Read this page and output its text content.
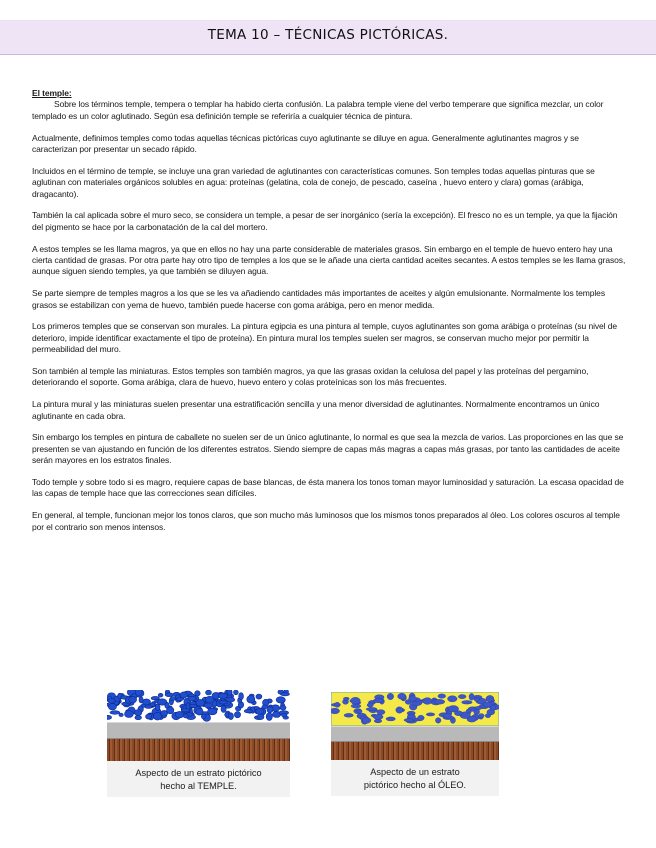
TEMA 10 – TÉCNICAS PICTÓRICAS.

El temple:

Sobre los términos temple, tempera o templar ha habido cierta confusión. La palabra temple viene del verbo temperare que significa mezclar, un color templado es un color aglutinado. Según esa definición temple se referiría a cualquier técnica de pintura.

Actualmente, definimos temples como todas aquellas técnicas pictóricas cuyo aglutinante se diluye en agua. Generalmente aglutinantes magros y se caracterizan por presentar un secado rápido.

Incluidos en el término de temple, se incluye una gran variedad de aglutinantes con características comunes. Son temples todas aquellas pinturas que se aglutinan con materiales orgánicos solubles en agua: proteínas (gelatina, cola de conejo, de pescado, caseína , huevo entero y clara) gomas (arábiga, dragacanto).

También la cal aplicada sobre el muro seco, se considera un temple, a pesar de ser inorgánico (sería la excepción). El fresco no es un temple, ya que la fijación del pigmento se hace por la carbonatación de la cal del mortero.

A estos temples se les llama magros, ya que en ellos no hay una parte considerable de materiales grasos. Sin embargo en el temple de huevo entero hay una cierta cantidad de grasas. Por otra parte hay otro tipo de temples a los que se le añade una cierta cantidad aceites secantes. A estos temples se les llama grasos, aunque siguen siendo temples, ya que también se diluyen agua.

Se parte siempre de temples magros a los que se les va añadiendo cantidades más importantes de aceites y algún emulsionante. Normalmente los temples grasos se estabilizan con yema de huevo, también puede hacerse con goma arábiga, pero en menor medida.

Los primeros temples que se conservan son murales. La pintura egipcia es una pintura al temple, cuyos aglutinantes son goma arábiga o proteínas (su nivel de deterioro, impide identificar exactamente el tipo de proteína). En pintura mural los temples suelen ser magros, se conservan mucho mejor por permitir la permeabilidad del muro.

Son también al temple las miniaturas. Estos temples son también magros, ya que las grasas oxidan la celulosa del papel y las proteínas del pergamino, deteriorando el soporte. Goma arábiga, clara de huevo, huevo entero y colas proteínicas son los más frecuentes.

La pintura mural y las miniaturas suelen presentar una estratificación sencilla y una menor diversidad de aglutinantes. Normalmente encontramos un único aglutinante en cada obra.

Sin embargo los temples en pintura de caballete no suelen ser de un único aglutinante, lo normal es que sea la mezcla de varios. Las proporciones en las que se presenten se van ajustando en función de los diferentes estratos. Siendo siempre de capas más magras a capas más grasas, por tanto las cantidades de aceite serán mayores en los estratos finales.

Todo temple y sobre todo si es magro, requiere capas de base blancas, de ésta manera los tonos toman mayor luminosidad y saturación. La escasa opacidad de las capas de temple hace que las correcciones sean difíciles.

En general, al temple, funcionan mejor los tonos claros, que son mucho más luminosos que los mismos tonos preparados al óleo. Los colores oscuros al temple por el contrario son menos intensos.

Aspecto de un estrato pictórico
hecho al TEMPLE.
Aspecto de un estrato
pictórico hecho al ÓLEO.
